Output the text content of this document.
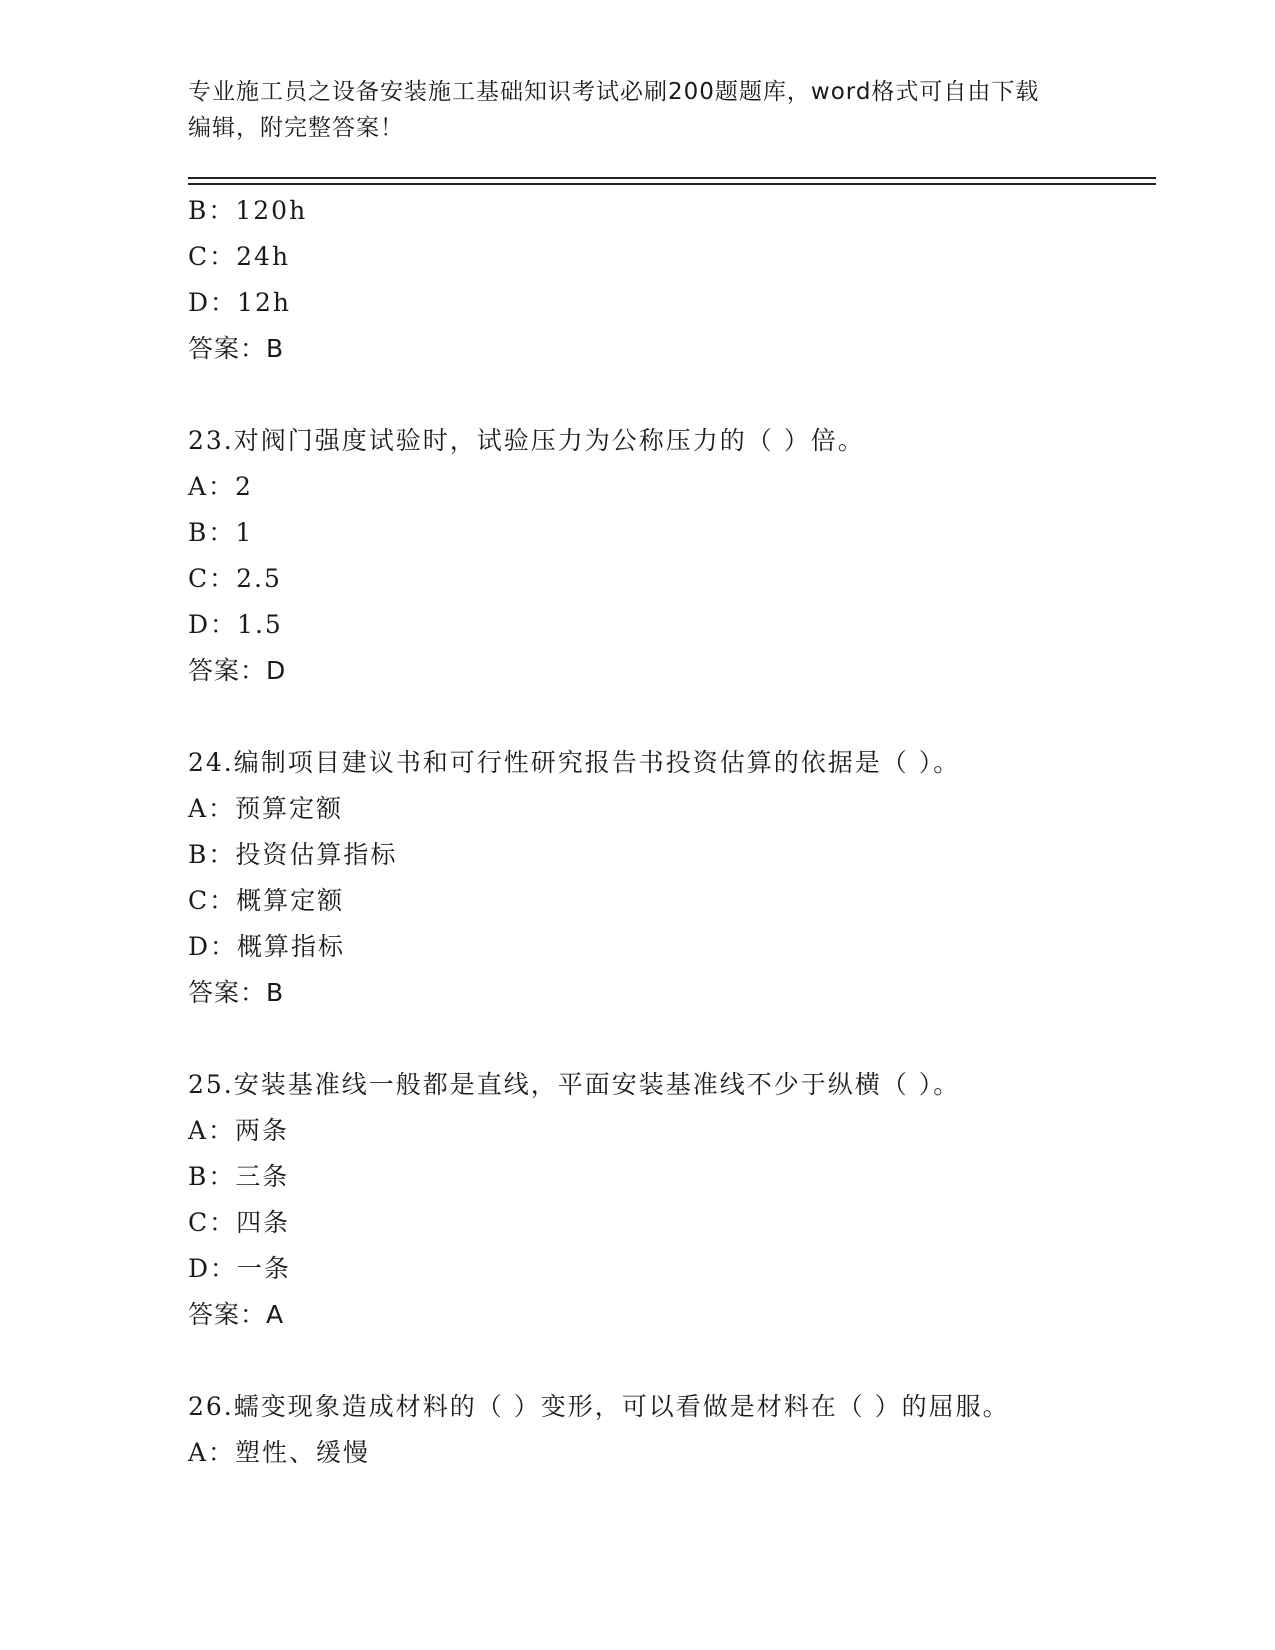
专业施工员之设备安装施工基础知识考试必刷200题题库，word格式可自由下载
编辑，附完整答案！
B：120h
C：24h
D：12h
答案：B
23.对阀门强度试验时，试验压力为公称压力的（ ）倍。
A：2
B：1
C：2.5
D：1.5
答案：D
24.编制项目建议书和可行性研究报告书投资估算的依据是（ ）。
A：预算定额
B：投资估算指标
C：概算定额
D：概算指标
答案：B
25.安装基准线一般都是直线，平面安装基准线不少于纵横（ ）。
A：两条
B：三条
C：四条
D：一条
答案：A
26.蠕变现象造成材料的（ ）变形，可以看做是材料在（ ）的屈服。
A：塑性、缓慢
